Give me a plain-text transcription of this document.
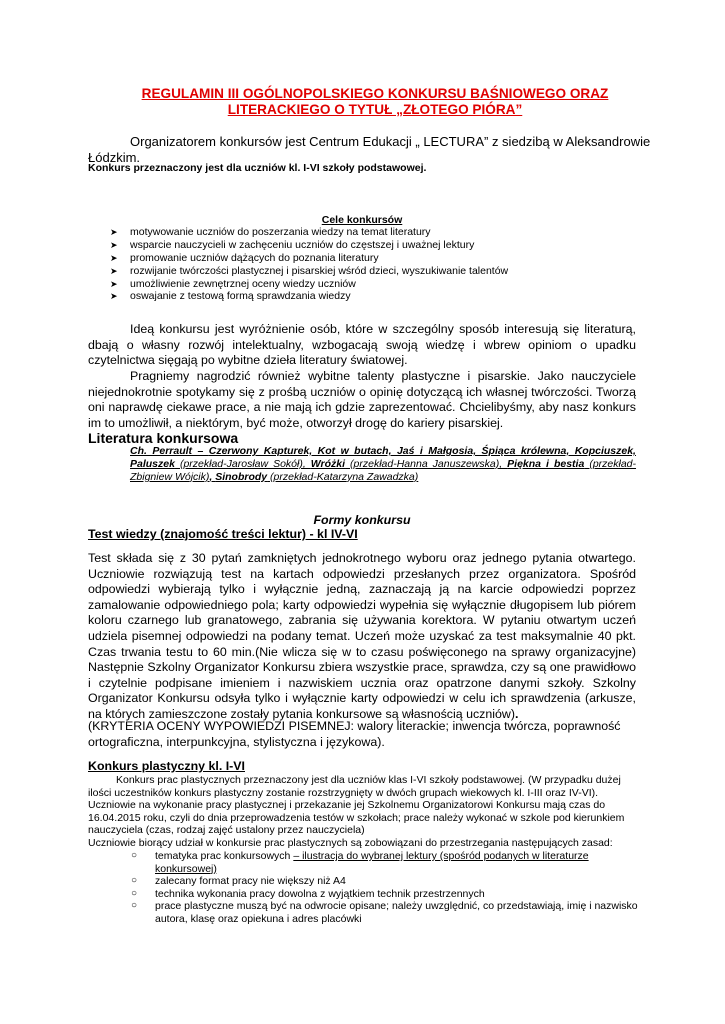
REGULAMIN III OGÓLNOPOLSKIEGO KONKURSU BAŚNIOWEGO ORAZ
LITERACKIEGO O TYTUŁ „ZŁOTEGO PIÓRA”
Organizatorem konkursów jest Centrum Edukacji „ LECTURA” z siedzibą w Aleksandrowie
Łódzkim.
Konkurs przeznaczony jest dla uczniów kl. I-VI szkoły podstawowej.
Cele konkursów
➤ motywowanie uczniów do poszerzania wiedzy na temat literatury
➤ wsparcie nauczycieli w zachęceniu uczniów do częstszej i uważnej lektury
➤ promowanie uczniów dążących do poznania literatury
➤ rozwijanie twórczości plastycznej i pisarskiej wśród dzieci, wyszukiwanie talentów
➤ umożliwienie zewnętrznej oceny wiedzy uczniów
➤ oswajanie z testową formą sprawdzania wiedzy
Ideą konkursu jest wyróżnienie osób, które w szczególny sposób interesują się literaturą, dbają o własny rozwój intelektualny, wzbogacają swoją wiedzę i wbrew opiniom o upadku czytelnictwa sięgają po wybitne dzieła literatury światowej.
Pragniemy nagrodzić również wybitne talenty plastyczne i pisarskie. Jako nauczyciele niejednokrotnie spotykamy się z prośbą uczniów o opinię dotyczącą ich własnej twórczości. Tworzą oni naprawdę ciekawe prace, a nie mają ich gdzie zaprezentować. Chcielibyśmy, aby nasz konkurs im to umożliwił, a niektórym, być może, otworzył drogę do kariery pisarskiej.
Literatura konkursowa
Ch. Perrault – Czerwony Kapturek, Kot w butach, Jaś i Małgosia, Śpiąca królewna, Kopciuszek, Paluszek (przekład-Jarosław Sokół), Wróżki (przekład-Hanna Januszewska), Piękna i bestia (przekład- Zbigniew Wójcik), Sinobrody (przekład-Katarzyna Zawadzka)
Formy konkursu
Test wiedzy (znajomość treści lektur) - kl IV-VI
Test składa się z 30 pytań zamkniętych jednokrotnego wyboru oraz jednego pytania otwartego. Uczniowie rozwiązują test na kartach odpowiedzi przesłanych przez organizatora. Spośród odpowiedzi wybierają tylko i wyłącznie jedną, zaznaczają ją na karcie odpowiedzi poprzez zamalowanie odpowiedniego pola; karty odpowiedzi wypełnia się wyłącznie długopisem lub piórem koloru czarnego lub granatowego, zabrania się używania korektora. W pytaniu otwartym uczeń udziela pisemnej odpowiedzi na podany temat. Uczeń może uzyskać za test maksymalnie 40 pkt. Czas trwania testu to 60 min.(Nie wlicza się w to czasu poświęconego na sprawy organizacyjne) Następnie Szkolny Organizator Konkursu zbiera wszystkie prace, sprawdza, czy są one prawidłowo i czytelnie podpisane imieniem i nazwiskiem ucznia oraz opatrzone danymi szkoły. Szkolny Organizator Konkursu odsyła tylko i wyłącznie karty odpowiedzi w celu ich sprawdzenia (arkusze, na których zamieszczone zostały pytania konkursowe są własnością uczniów).
(KRYTERIA OCENY WYPOWIEDZI PISEMNEJ: walory literackie; inwencja twórcza, poprawność ortograficzna, interpunkcyjna, stylistyczna i językowa).
Konkurs plastyczny kl. I-VI
Konkurs prac plastycznych przeznaczony jest dla uczniów klas I-VI szkoły podstawowej. (W przypadku dużej ilości uczestników konkurs plastyczny zostanie rozstrzygnięty w dwóch grupach wiekowych kl. I-III oraz IV-VI).
Uczniowie na wykonanie pracy plastycznej i przekazanie jej Szkolnemu Organizatorowi Konkursu mają czas do 16.04.2015 roku, czyli do dnia przeprowadzenia testów w szkołach; prace należy wykonać w szkole pod kierunkiem nauczyciela (czas, rodzaj zajęć ustalony przez nauczyciela)
Uczniowie biorący udział w konkursie prac plastycznych są zobowiązani do przestrzegania następujących zasad:
○ tematyka prac konkursowych – ilustracja do wybranej lektury (spośród podanych w literaturze konkursowej)
○ zalecany format pracy nie większy niż A4
○ technika wykonania pracy dowolna z wyjątkiem technik przestrzennych
○ prace plastyczne muszą być na odwrocie opisane; należy uwzględnić, co przedstawiają, imię i nazwisko autora, klasę oraz opiekuna i adres placówki
